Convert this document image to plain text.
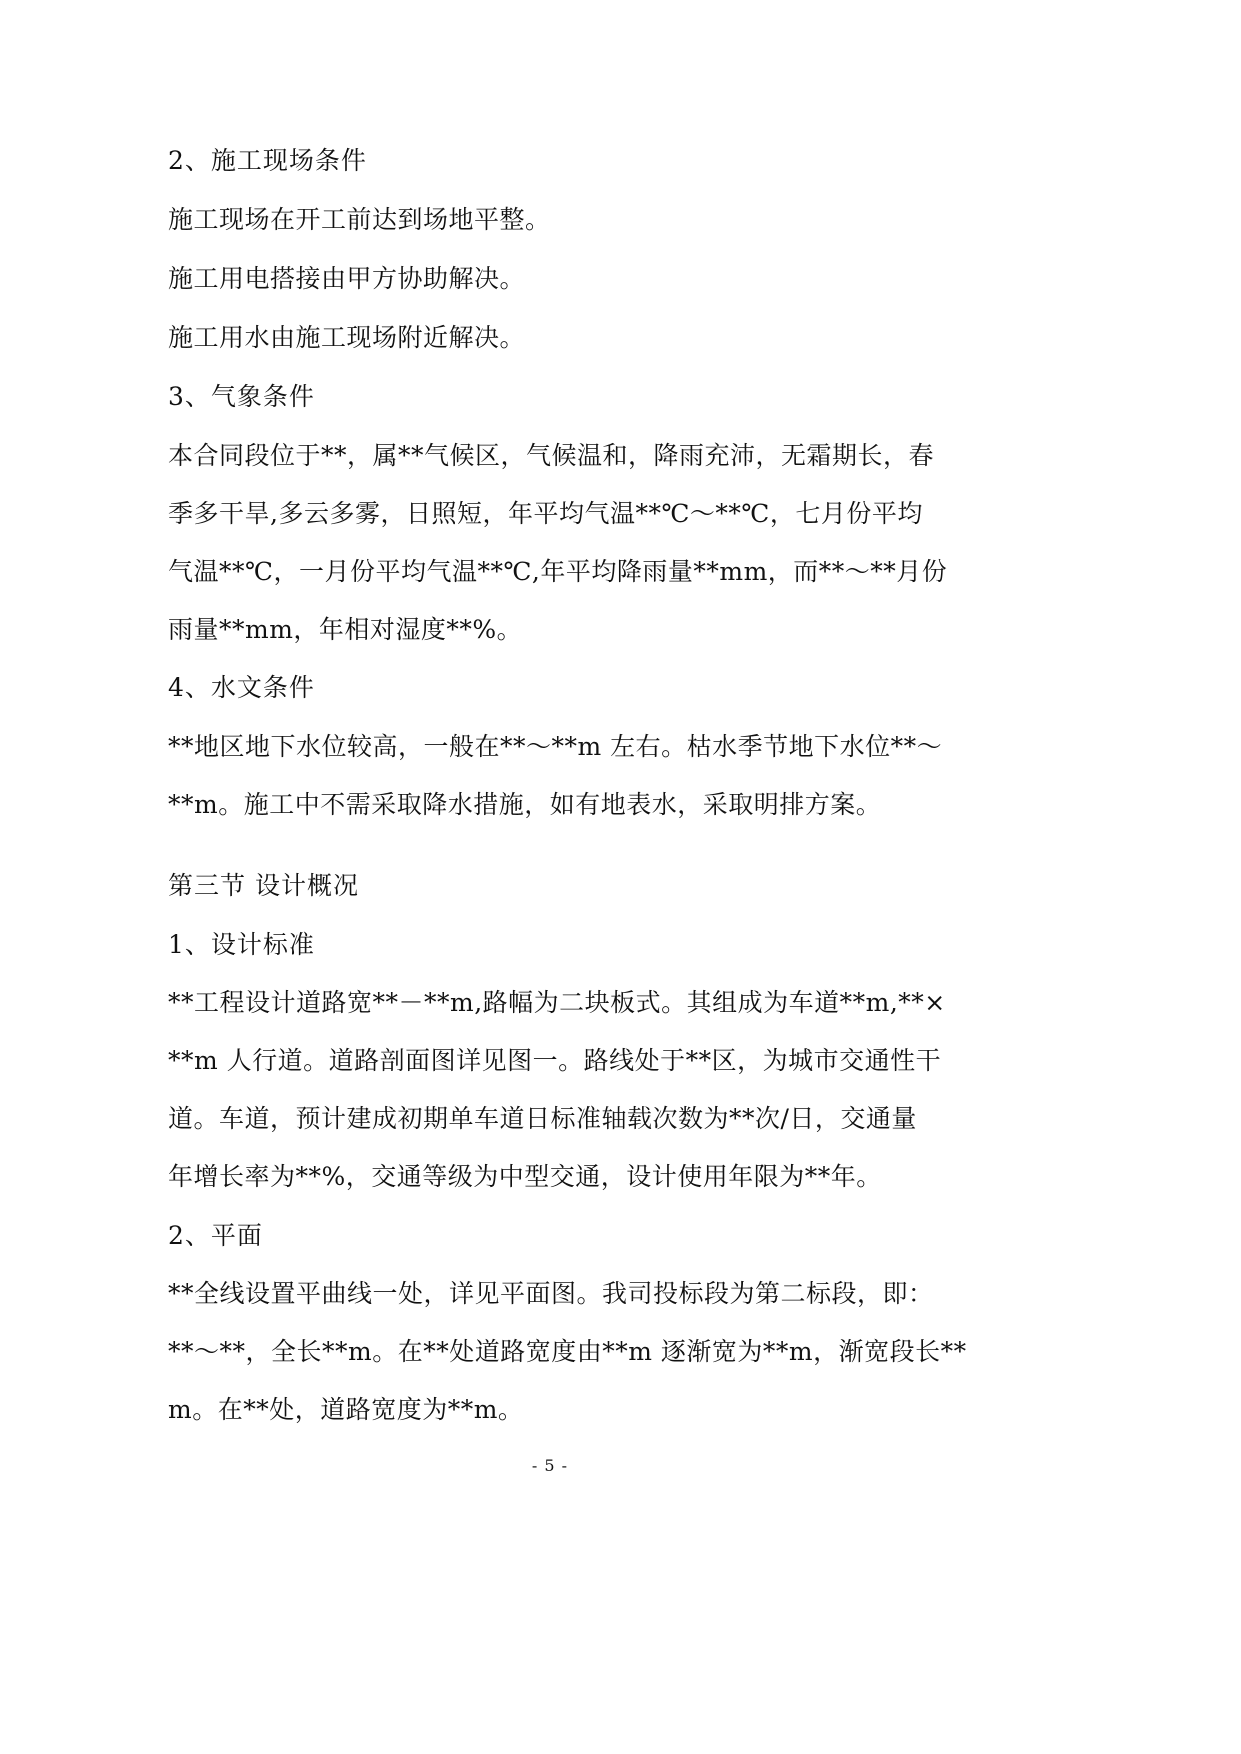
2、施工现场条件
施工现场在开工前达到场地平整。
施工用电搭接由甲方协助解决。
施工用水由施工现场附近解决。
3、气象条件
本合同段位于**，属**气候区，气候温和，降雨充沛，无霜期长，春
季多干旱,多云多雾，日照短，年平均气温**℃～**℃，七月份平均
气温**℃，一月份平均气温**℃,年平均降雨量**mm，而**～**月份
雨量**mm，年相对湿度**%。
4、水文条件
**地区地下水位较高，一般在**～**m 左右。枯水季节地下水位**～
**m。施工中不需采取降水措施，如有地表水，采取明排方案。
第三节 设计概况
1、设计标准
**工程设计道路宽**－**m,路幅为二块板式。其组成为车道**m,**×
**m 人行道。道路剖面图详见图一。路线处于**区，为城市交通性干
道。车道，预计建成初期单车道日标准轴载次数为**次/日，交通量
年增长率为**%，交通等级为中型交通，设计使用年限为**年。
2、平面
**全线设置平曲线一处，详见平面图。我司投标段为第二标段，即：
**～**，全长**m。在**处道路宽度由**m 逐渐宽为**m，渐宽段长**
m。在**处，道路宽度为**m。
- 5 -
